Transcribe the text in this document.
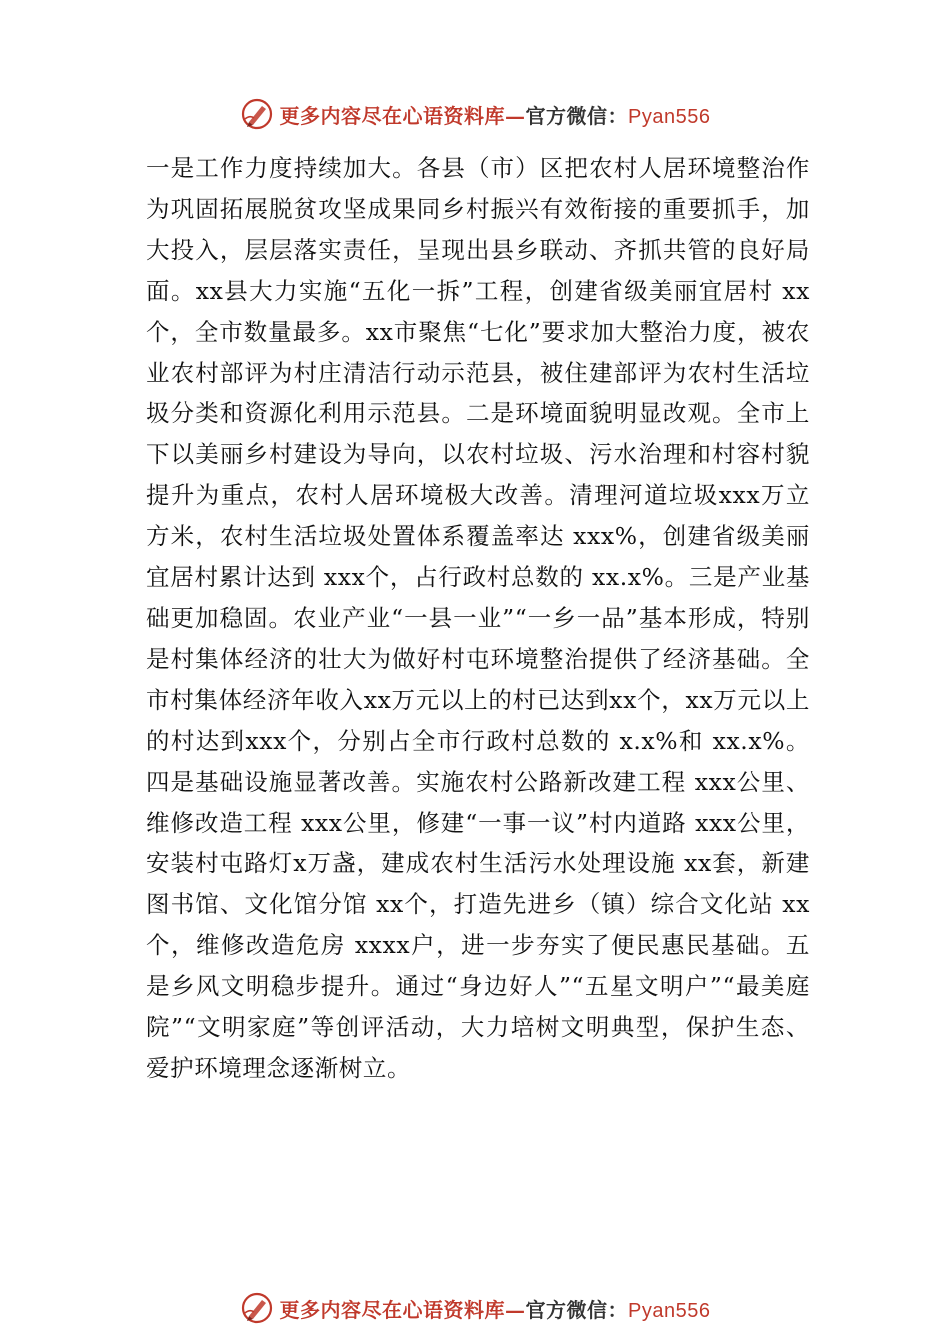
更多内容尽在心语资料库—官方微信：Pyan556

一是工作力度持续加大。各县（市）区把农村人居环境整治作为巩固拓展脱贫攻坚成果同乡村振兴有效衔接的重要抓手，加大投入，层层落实责任，呈现出县乡联动、齐抓共管的良好局面。xx县大力实施“五化一拆”工程，创建省级美丽宜居村 xx个，全市数量最多。xx市聚焦“七化”要求加大整治力度，被农业农村部评为村庄清洁行动示范县，被住建部评为农村生活垃圾分类和资源化利用示范县。二是环境面貌明显改观。全市上下以美丽乡村建设为导向，以农村垃圾、污水治理和村容村貌提升为重点，农村人居环境极大改善。清理河道垃圾xxx万立方米，农村生活垃圾处置体系覆盖率达 xxx%，创建省级美丽宜居村累计达到 xxx个，占行政村总数的 xx.x%。三是产业基础更加稳固。农业产业“一县一业”“一乡一品”基本形成，特别是村集体经济的壮大为做好村屯环境整治提供了经济基础。全市村集体经济年收入xx万元以上的村已达到xx个，xx万元以上的村达到xxx个，分别占全市行政村总数的 x.x%和 xx.x%。四是基础设施显著改善。实施农村公路新改建工程 xxx公里、维修改造工程 xxx公里，修建“一事一议”村内道路 xxx公里，安装村屯路灯x万盏，建成农村生活污水处理设施 xx套，新建图书馆、文化馆分馆 xx个，打造先进乡（镇）综合文化站 xx个，维修改造危房 xxxx户，进一步夯实了便民惠民基础。五是乡风文明稳步提升。通过“身边好人”“五星文明户”“最美庭院”“文明家庭”等创评活动，大力培树文明典型，保护生态、爱护环境理念逐渐树立。

更多内容尽在心语资料库—官方微信：Pyan556
